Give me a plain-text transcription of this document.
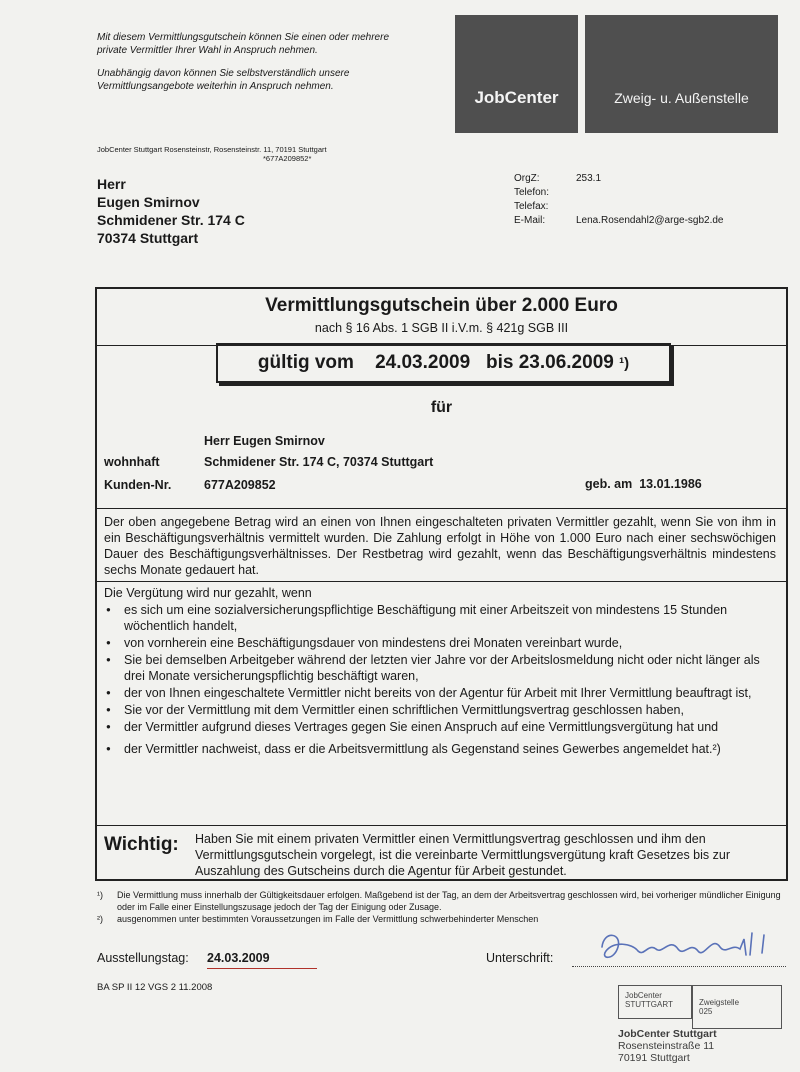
Mit diesem Vermittlungsgutschein können Sie einen oder mehrere
private Vermittler Ihrer Wahl in Anspruch nehmen.
Unabhängig davon können Sie selbstverständlich unsere
Vermittlungsangebote weiterhin in Anspruch nehmen.
JobCenter	Zweig- u. Außenstelle
JobCenter Stuttgart Rosensteinstr, Rosensteinstr. 11, 70191 Stuttgart
*677A209852*
Herr
Eugen Smirnov
Schmidener Str. 174 C
70374 Stuttgart
OrgZ:	253.1
Telefon:
Telefax:
E-Mail:	Lena.Rosendahl2@arge-sgb2.de
Vermittlungsgutschein über 2.000 Euro
nach § 16 Abs. 1 SGB II i.V.m. § 421g SGB III
gültig vom 24.03.2009 bis 23.06.2009 ¹)
für
Herr Eugen Smirnov
wohnhaft	Schmidener Str. 174 C, 70374 Stuttgart
Kunden-Nr.	677A209852	geb. am 13.01.1986
Der oben angegebene Betrag wird an einen von Ihnen eingeschalteten privaten Vermittler gezahlt, wenn Sie von ihm in ein Beschäftigungsverhältnis vermittelt wurden. Die Zahlung erfolgt in Höhe von 1.000 Euro nach einer sechswöchigen Dauer des Beschäftigungsverhältnisses. Der Restbetrag wird gezahlt, wenn das Beschäftigungsverhältnis mindestens sechs Monate gedauert hat.
Die Vergütung wird nur gezahlt, wenn
● es sich um eine sozialversicherungspflichtige Beschäftigung mit einer Arbeitszeit von mindestens 15 Stunden wöchentlich handelt,
● von vornherein eine Beschäftigungsdauer von mindestens drei Monaten vereinbart wurde,
● Sie bei demselben Arbeitgeber während der letzten vier Jahre vor der Arbeitslosmeldung nicht oder nicht länger als drei Monate versicherungspflichtig beschäftigt waren,
● der von Ihnen eingeschaltete Vermittler nicht bereits von der Agentur für Arbeit mit Ihrer Vermittlung beauftragt ist,
● Sie vor der Vermittlung mit dem Vermittler einen schriftlichen Vermittlungsvertrag geschlossen haben,
● der Vermittler aufgrund dieses Vertrages gegen Sie einen Anspruch auf eine Vermittlungsvergütung hat und
● der Vermittler nachweist, dass er die Arbeitsvermittlung als Gegenstand seines Gewerbes angemeldet hat.²)
Wichtig: Haben Sie mit einem privaten Vermittler einen Vermittlungsvertrag geschlossen und ihm den Vermittlungsgutschein vorgelegt, ist die vereinbarte Vermittlungsvergütung kraft Gesetzes bis zur Auszahlung des Gutscheins durch die Agentur für Arbeit gestundet.
¹)	Die Vermittlung muss innerhalb der Gültigkeitsdauer erfolgen. Maßgebend ist der Tag, an dem der Arbeitsvertrag geschlossen wird, bei vorheriger mündlicher Einigung oder im Falle einer Einstellungszusage jedoch der Tag der Einigung oder Zusage.
²)	ausgenommen unter bestimmten Voraussetzungen im Falle der Vermittlung schwerbehinderter Menschen
Ausstellungstag: 24.03.2009	Unterschrift:
BA SP II 12 VGS 2 11.2008
JobCenter
STUTTGART	Zweigstelle
025
JobCenter Stuttgart
Rosensteinstraße 11
70191 Stuttgart
